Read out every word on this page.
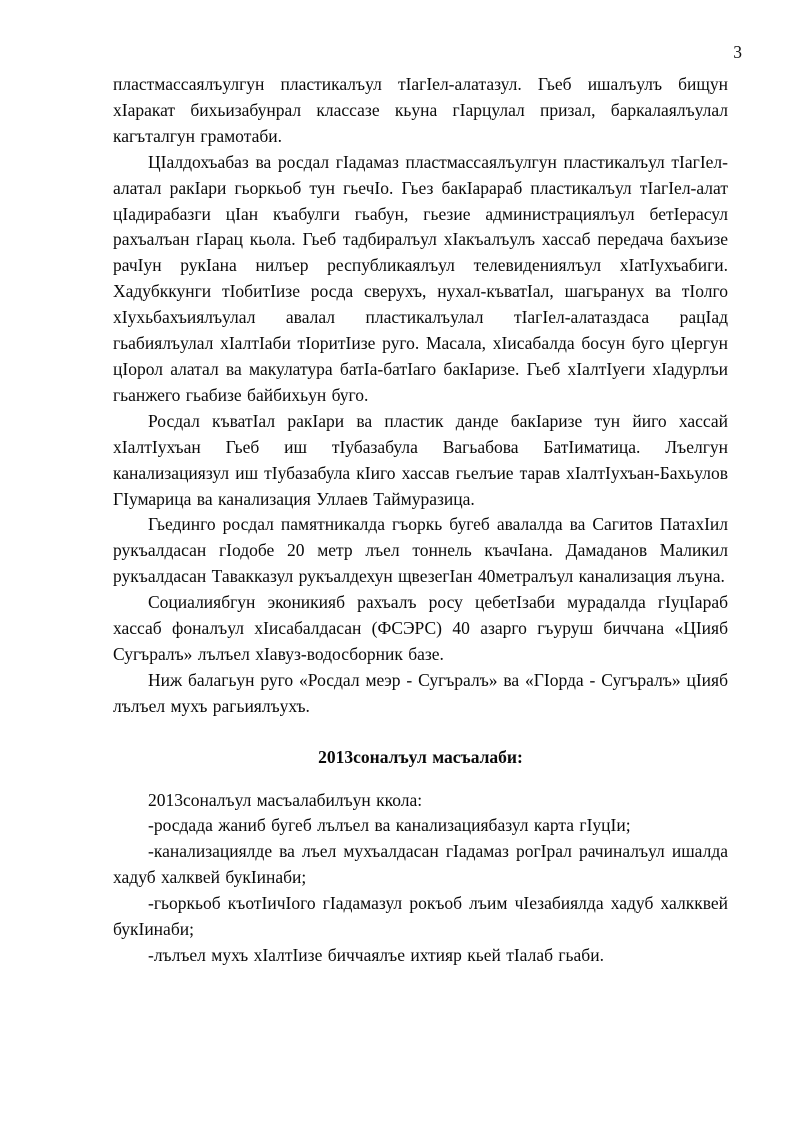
3

пластмассаялъулгун пластикалъул тIагIел-алатазул. Гьеб ишалъулъ бищун хIаракат бихьизабунрал классазе кьуна гIарцулал призал, баркалаялъулал кагъталгун грамотаби.

ЦIалдохъабаз ва росдал гIадамаз пластмассаялъулгун пластикалъул тIагIел-алатал ракIари гьоркьоб тун гьечIо. Гьез бакIарараб пластикалъул тIагIел-алат цIадирабазги цIан къабулги гьабун, гьезие администрациялъул бетIерасул рахъалъан гIарац кьола. Гьеб тадбиралъул хIакъалъулъ хассаб передача бахъизе рачIун рукIана нилъер республикаялъул телевидениялъул хIатIухъабиги. Хадубккунги тIобитIизе росда сверухъ, нухал-къватIал, шагьранух ва тIолго хIухьбахъиялъулал авалал пластикалъулал тIагIел-алатаздаса рацIад гьабиялъулал хIалтIаби тIоритIизе руго. Масала, хIисабалда босун буго цIергун цIорол алатал ва макулатура батIа-батIаго бакIаризе. Гьеб хIалтIуеги хIадурлъи гьанжего гьабизе байбихьун буго.

Росдал къватIал ракIари ва пластик данде бакIаризе тун йиго хассай хIалтIухъан Гьеб иш тIубазабула Вагьабова БатIиматица. Лъелгун канализациязул иш тIубазабула кIиго хассав гьелъие тарав хIалтIухъан-Бахьулов ГIумарица ва канализация Уллаев Таймуразица.

Гьединго росдал памятникалда гъоркь бугеб авалалда ва Сагитов ПатахIил рукъалдасан гIодобе 20 метр лъел тоннель къачIана. Дамаданов Маликил рукъалдасан Тавакказул рукъалдехун щвезегIан 40метралъул канализация лъуна.

Социалиябгун эконикияб рахъалъ росу цебетIзаби мурадалда гIуцIараб хассаб фоналъул хIисабалдасан (ФСЭРС) 40 азарго гъуруш биччана «ЦIияб Сугъралъ» лълъел хIавуз-водосборник базе.

Ниж балагьун руго «Росдал меэр - Сугъралъ» ва «ГIорда - Сугъралъ» цIияб лълъел мухъ рагьиялъухъ.

2013соналъул масъалаби:

2013соналъул масъалабилъун ккола:

-росдада жаниб бугеб лълъел ва канализациябазул карта гIуцIи;

-канализациялде ва лъел мухъалдасан гIадамаз рогIрал рачиналъул ишалда хадуб халквей букIинаби;

-гьоркьоб къотIичIого гIадамазул рокъоб лъим чIезабиялда хадуб халкквей букIинаби;

-лълъел мухъ хIалтIизе биччаялъе ихтияр кьей тIалаб гьаби.
